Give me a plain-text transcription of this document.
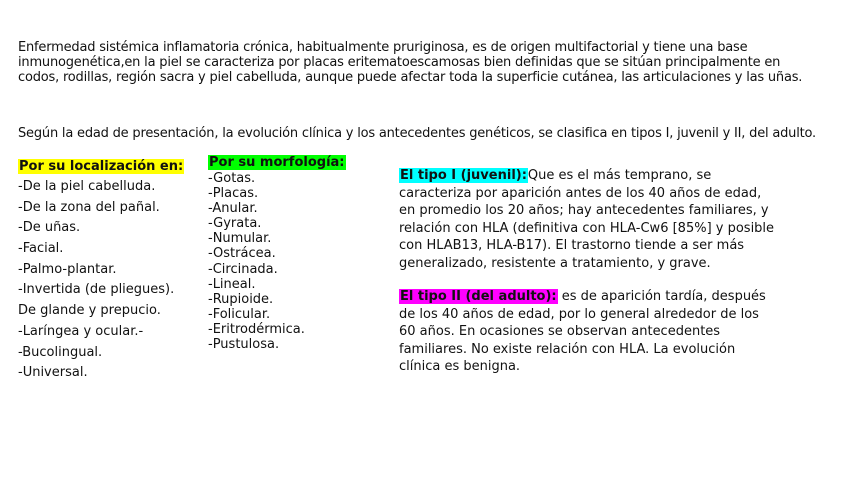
Enfermedad sistémica inflamatoria crónica, habitualmente pruriginosa, es de origen multifactorial y tiene una base inmunogenética,en la piel se caracteriza por placas eritematoescamosas bien definidas que se sitúan principalmente en codos, rodillas, región sacra y piel cabelluda, aunque puede afectar toda la superficie cutánea, las articulaciones y las uñas.
Según la edad de presentación, la evolución clínica y los antecedentes genéticos, se clasifica en tipos I, juvenil y II, del adulto.
Por su localización en:
-De la piel cabelluda.
-De la zona del pañal.
-De uñas.
-Facial.
-Palmo-plantar.
-Invertida (de pliegues).
De glande y prepucio.
-Laríngea y ocular.-
-Bucolingual.
-Universal.
Por su morfología:
-Gotas.
-Placas.
-Anular.
-Gyrata.
-Numular.
-Ostrácea.
-Circinada.
-Lineal.
-Rupioide.
-Folicular.
-Eritrodérmica.
-Pustulosa.
El tipo I (juvenil):Que es el más temprano, se caracteriza por aparición antes de los 40 años de edad, en promedio los 20 años; hay antecedentes familiares, y relación con HLA (definitiva con HLA-Cw6 [85%] y posible con HLAB13, HLA-B17). El trastorno tiende a ser más generalizado, resistente a tratamiento, y grave.
El tipo II (del adulto): es de aparición tardía, después de los 40 años de edad, por lo general alrededor de los 60 años. En ocasiones se observan antecedentes familiares. No existe relación con HLA. La evolución clínica es benigna.
